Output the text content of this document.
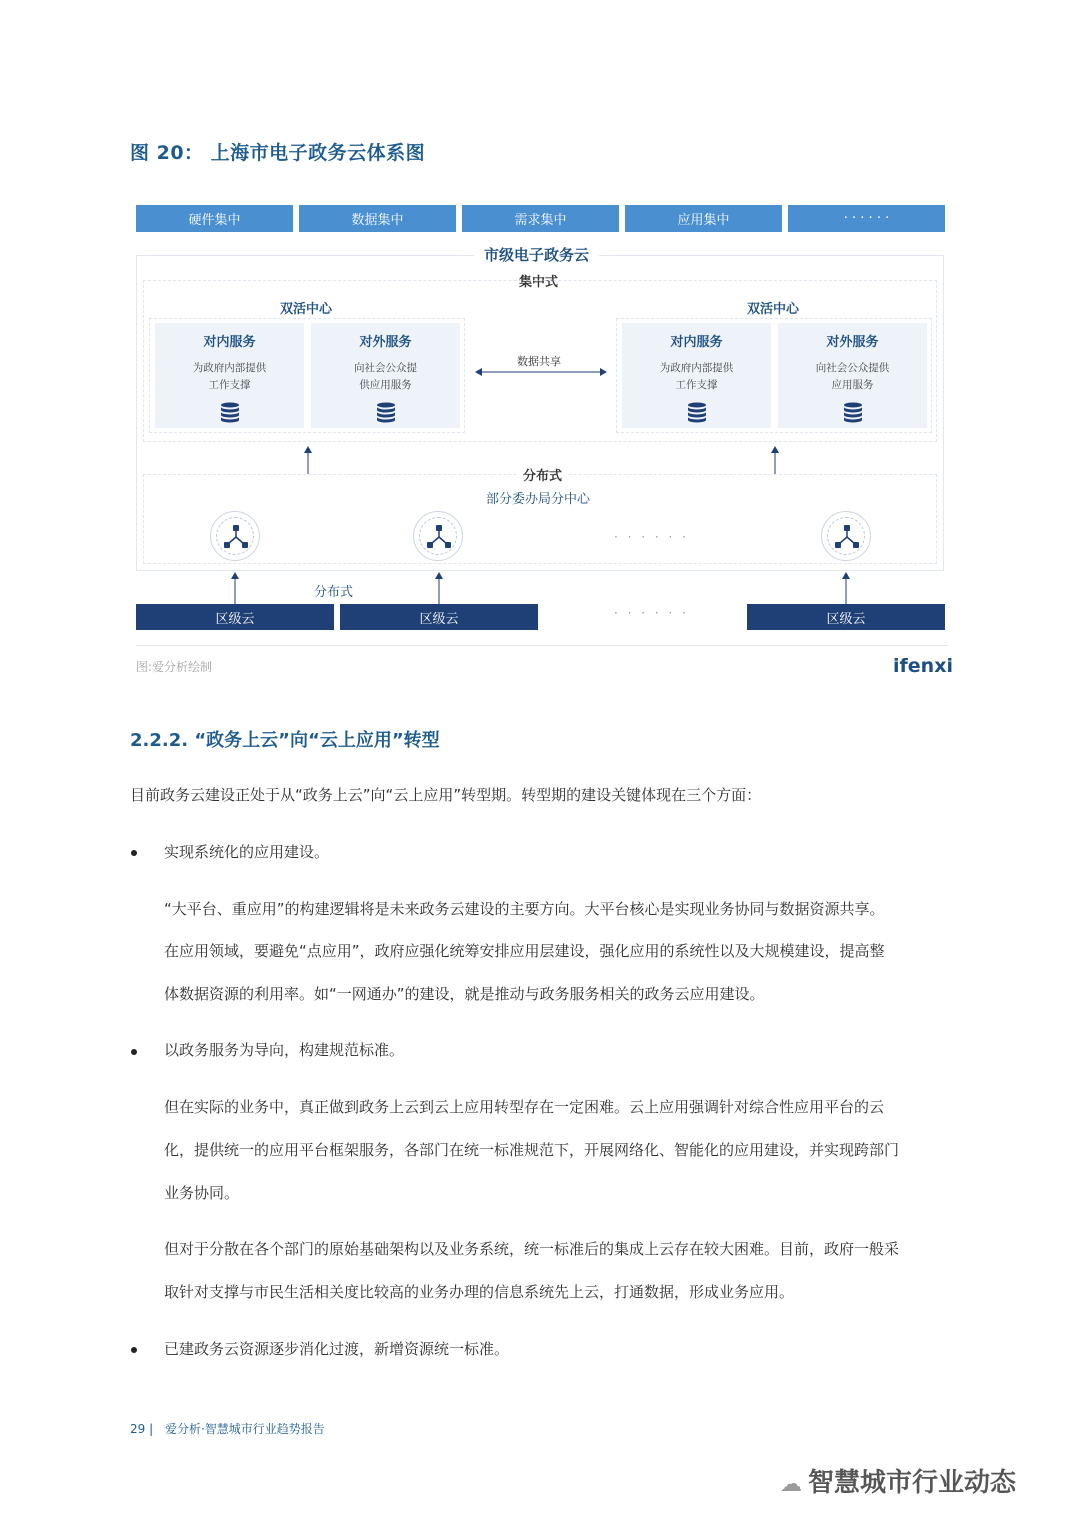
图 20： 上海市电子政务云体系图
硬件集中	数据集中	需求集中	应用集中	· · · · · ·
市级电子政务云
集中式
双活中心
对内服务
为政府内部提供
工作支撑
对外服务
向社会公众提
供应用服务
数据共享
双活中心
对内服务
为政府内部提供
工作支撑
对外服务
向社会公众提供
应用服务
分布式
部分委办局分中心
· · · · · ·
分布式
区级云	区级云	· · · · · ·	区级云
图:爱分析绘制	ifenxi
2.2.2. “政务上云”向“云上应用”转型
目前政务云建设正处于从“政务上云”向“云上应用”转型期。转型期的建设关键体现在三个方面：
实现系统化的应用建设。
“大平台、重应用”的构建逻辑将是未来政务云建设的主要方向。大平台核心是实现业务协同与数据资源共享。
在应用领域，要避免“点应用”，政府应强化统筹安排应用层建设，强化应用的系统性以及大规模建设，提高整
体数据资源的利用率。如“一网通办”的建设，就是推动与政务服务相关的政务云应用建设。
以政务服务为导向，构建规范标准。
但在实际的业务中，真正做到政务上云到云上应用转型存在一定困难。云上应用强调针对综合性应用平台的云
化，提供统一的应用平台框架服务，各部门在统一标准规范下，开展网络化、智能化的应用建设，并实现跨部门
业务协同。
但对于分散在各个部门的原始基础架构以及业务系统，统一标准后的集成上云存在较大困难。目前，政府一般采
取针对支撑与市民生活相关度比较高的业务办理的信息系统先上云，打通数据，形成业务应用。
已建政务云资源逐步消化过渡，新增资源统一标准。
29 | 爱分析·智慧城市行业趋势报告
☁ 智慧城市行业动态
